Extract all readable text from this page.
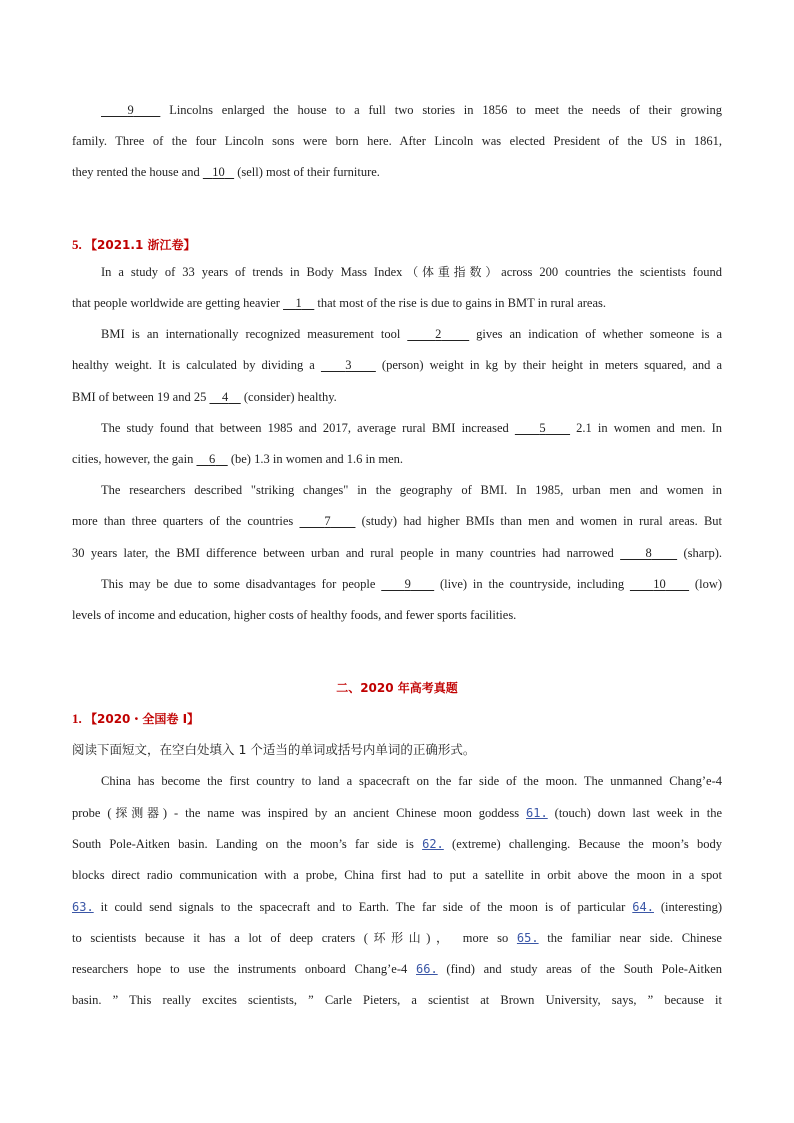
9    Lincolns enlarged the house to a full two stories in 1856 to meet the needs of their growing
family. Three of the four Lincoln sons were born here. After Lincoln was elected President of the US in 1861,
they rented the house and    10    (sell) most of their furniture.
5. 【2021.1 浙江卷】
In a study of 33 years of trends in Body Mass Index（体重指数）across 200 countries the scientists found
that people worldwide are getting heavier     1     that most of the rise is due to gains in BMT in rural areas.
BMI is an internationally recognized measurement tool     2     gives an indication of whether someone is a
healthy weight. It is calculated by dividing a     3     (person) weight in kg by their height in meters squared, and a
BMI of between 19 and 25     4     (consider) healthy.
The study found that between 1985 and 2017, average rural BMI increased     5     2.1 in women and men. In
cities, however, the gain     6     (be) 1.3 in women and 1.6 in men.
The researchers described "striking changes" in the geography of BMI. In 1985, urban men and women in
more than three quarters of the countries     7     (study) had higher BMIs than men and women in rural areas. But
30 years later, the BMI difference between urban and rural people in many countries had narrowed     8     (sharp).
This may be due to some disadvantages for people     9     (live) in the countryside, including     10     (low)
levels of income and education, higher costs of healthy foods, and fewer sports facilities.
二、2020 年高考真题
1. 【2020・全国卷 I】
阅读下面短文，在空白处填入 1 个适当的单词或括号内单词的正确形式。
China has become the first country to land a spacecraft on the far side of the moon. The unmanned Chang’e-4
probe (探测器) - the name was inspired by an ancient Chinese moon goddess 61. (touch) down last week in the
South Pole-Aitken basin. Landing on the moon’s far side is 62. (extreme) challenging. Because the moon’s body
blocks direct radio communication with a probe, China first had to put a satellite in orbit above the moon in a spot
63. it could send signals to the spacecraft and to Earth. The far side of the moon is of particular 64. (interesting)
to scientists because it has a lot of deep craters (环形山)， more so 65. the familiar near side. Chinese
researchers hope to use the instruments onboard Chang’e-4 66. (find) and study areas of the South Pole-Aitken
basin. ” This really excites scientists, ” Carle Pieters, a scientist at Brown University, says, ” because it
